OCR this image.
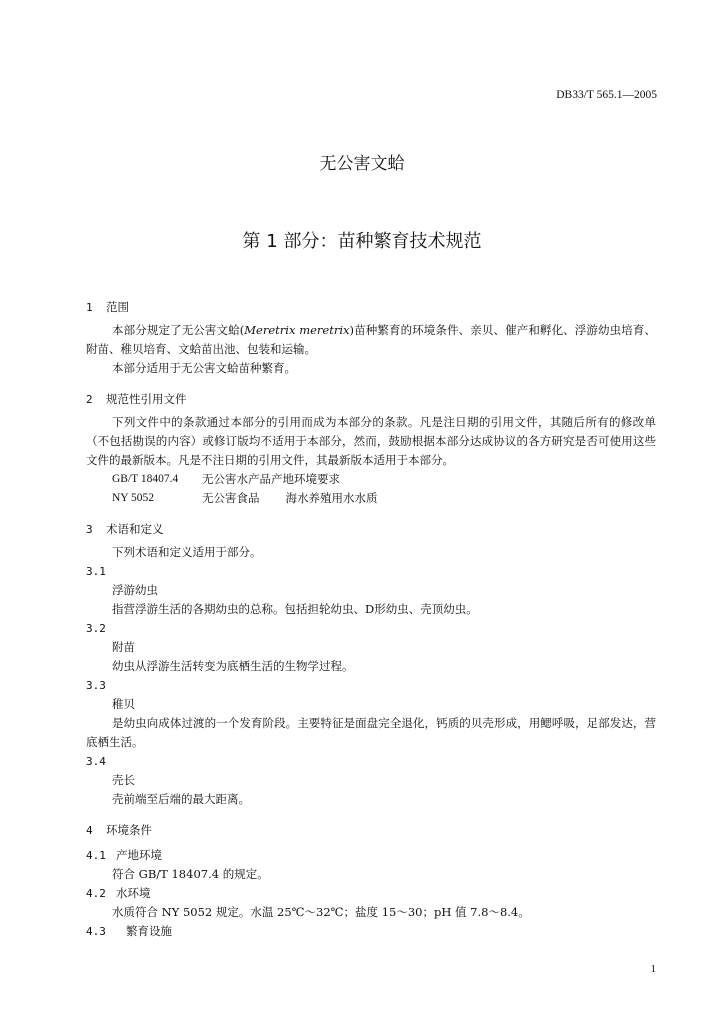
DB33/T 565.1—2005
无公害文蛤
第 1 部分：苗种繁育技术规范
1	范围
本部分规定了无公害文蛤(Meretrix meretrix)苗种繁育的环境条件、亲贝、催产和孵化、浮游幼虫培育、附苗、稚贝培育、文蛤苗出池、包装和运输。
本部分适用于无公害文蛤苗种繁育。
2	规范性引用文件
下列文件中的条款通过本部分的引用而成为本部分的条款。凡是注日期的引用文件，其随后所有的修改单（不包括勘误的内容）或修订版均不适用于本部分，然而，鼓励根据本部分达成协议的各方研究是否可使用这些文件的最新版本。凡是不注日期的引用文件，其最新版本适用于本部分。
GB/T 18407.4	无公害水产品产地环境要求
NY 5052	无公害食品 海水养殖用水水质
3	术语和定义
下列术语和定义适用于部分。
3.1
浮游幼虫
指营浮游生活的各期幼虫的总称。包括担轮幼虫、D形幼虫、壳顶幼虫。
3.2
附苗
幼虫从浮游生活转变为底栖生活的生物学过程。
3.3
稚贝
是幼虫向成体过渡的一个发育阶段。主要特征是面盘完全退化，钙质的贝壳形成，用鳃呼吸，足部发达，营底栖生活。
3.4
壳长
壳前端至后端的最大距离。
4	环境条件
4.1 产地环境
符合 GB/T 18407.4 的规定。
4.2 水环境
水质符合 NY 5052 规定。水温 25℃～32℃；盐度 15～30；pH 值 7.8～8.4。
4.3	繁育设施
1
